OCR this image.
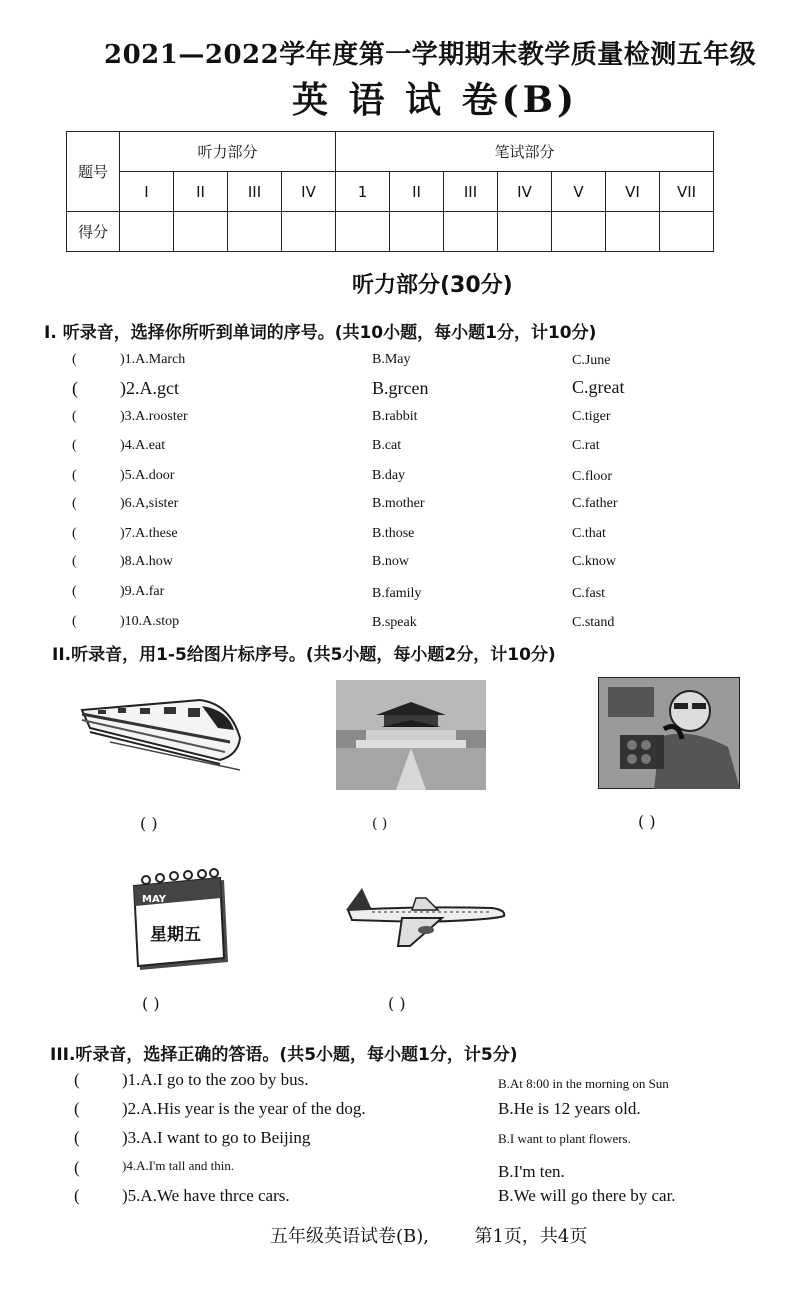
2021—2022学年度第一学期期末教学质量检测五年级
英 语 试 卷(B)
题号	听力部分				笔试部分						
	I	II	III	IV	1	II	III	IV	V	VI	VII
得分											
听力部分(30分)
I. 听录音，选择你所听到单词的序号。(共10小题，每小题1分，计10分)
(	)1.A.March	B.May	C.June
( )2.A.gct	B.grcen	C.great
(	)3.A.rooster	B.rabbit	C.tiger
(	)4.A.eat	B.cat	C.rat
(	)5.A.door	B.day	C.floor
(	)6.A,sister	B.mother	C.father
(	)7.A.these	B.those	C.that
(	)8.A.how	B.now	C.know
(	)9.A.far	B.family	C.fast
(	)10.A.stop	B.speak	C.stand
II.听录音，用1-5给图片标序号。(共5小题，每小题2分，计10分)
( )	( )	( )
MAY
星期五
( )	( )
III.听录音，选择正确的答语。(共5小题，每小题1分，计5分)
( )1.A.I go to the zoo by bus.	B.At 8:00 in the morning on Sun
( )2.A.His year is the year of the dog.	B.He is 12 years old.
( )3.A.I want to go to Beijing	B.I want to plant flowers.
(	)4.A.I'm tall and thin.	B.I'm ten.
( )5.A.We have thrce cars.	B.We will go there by car.
五年级英语试卷(B),	第1页，共4页
